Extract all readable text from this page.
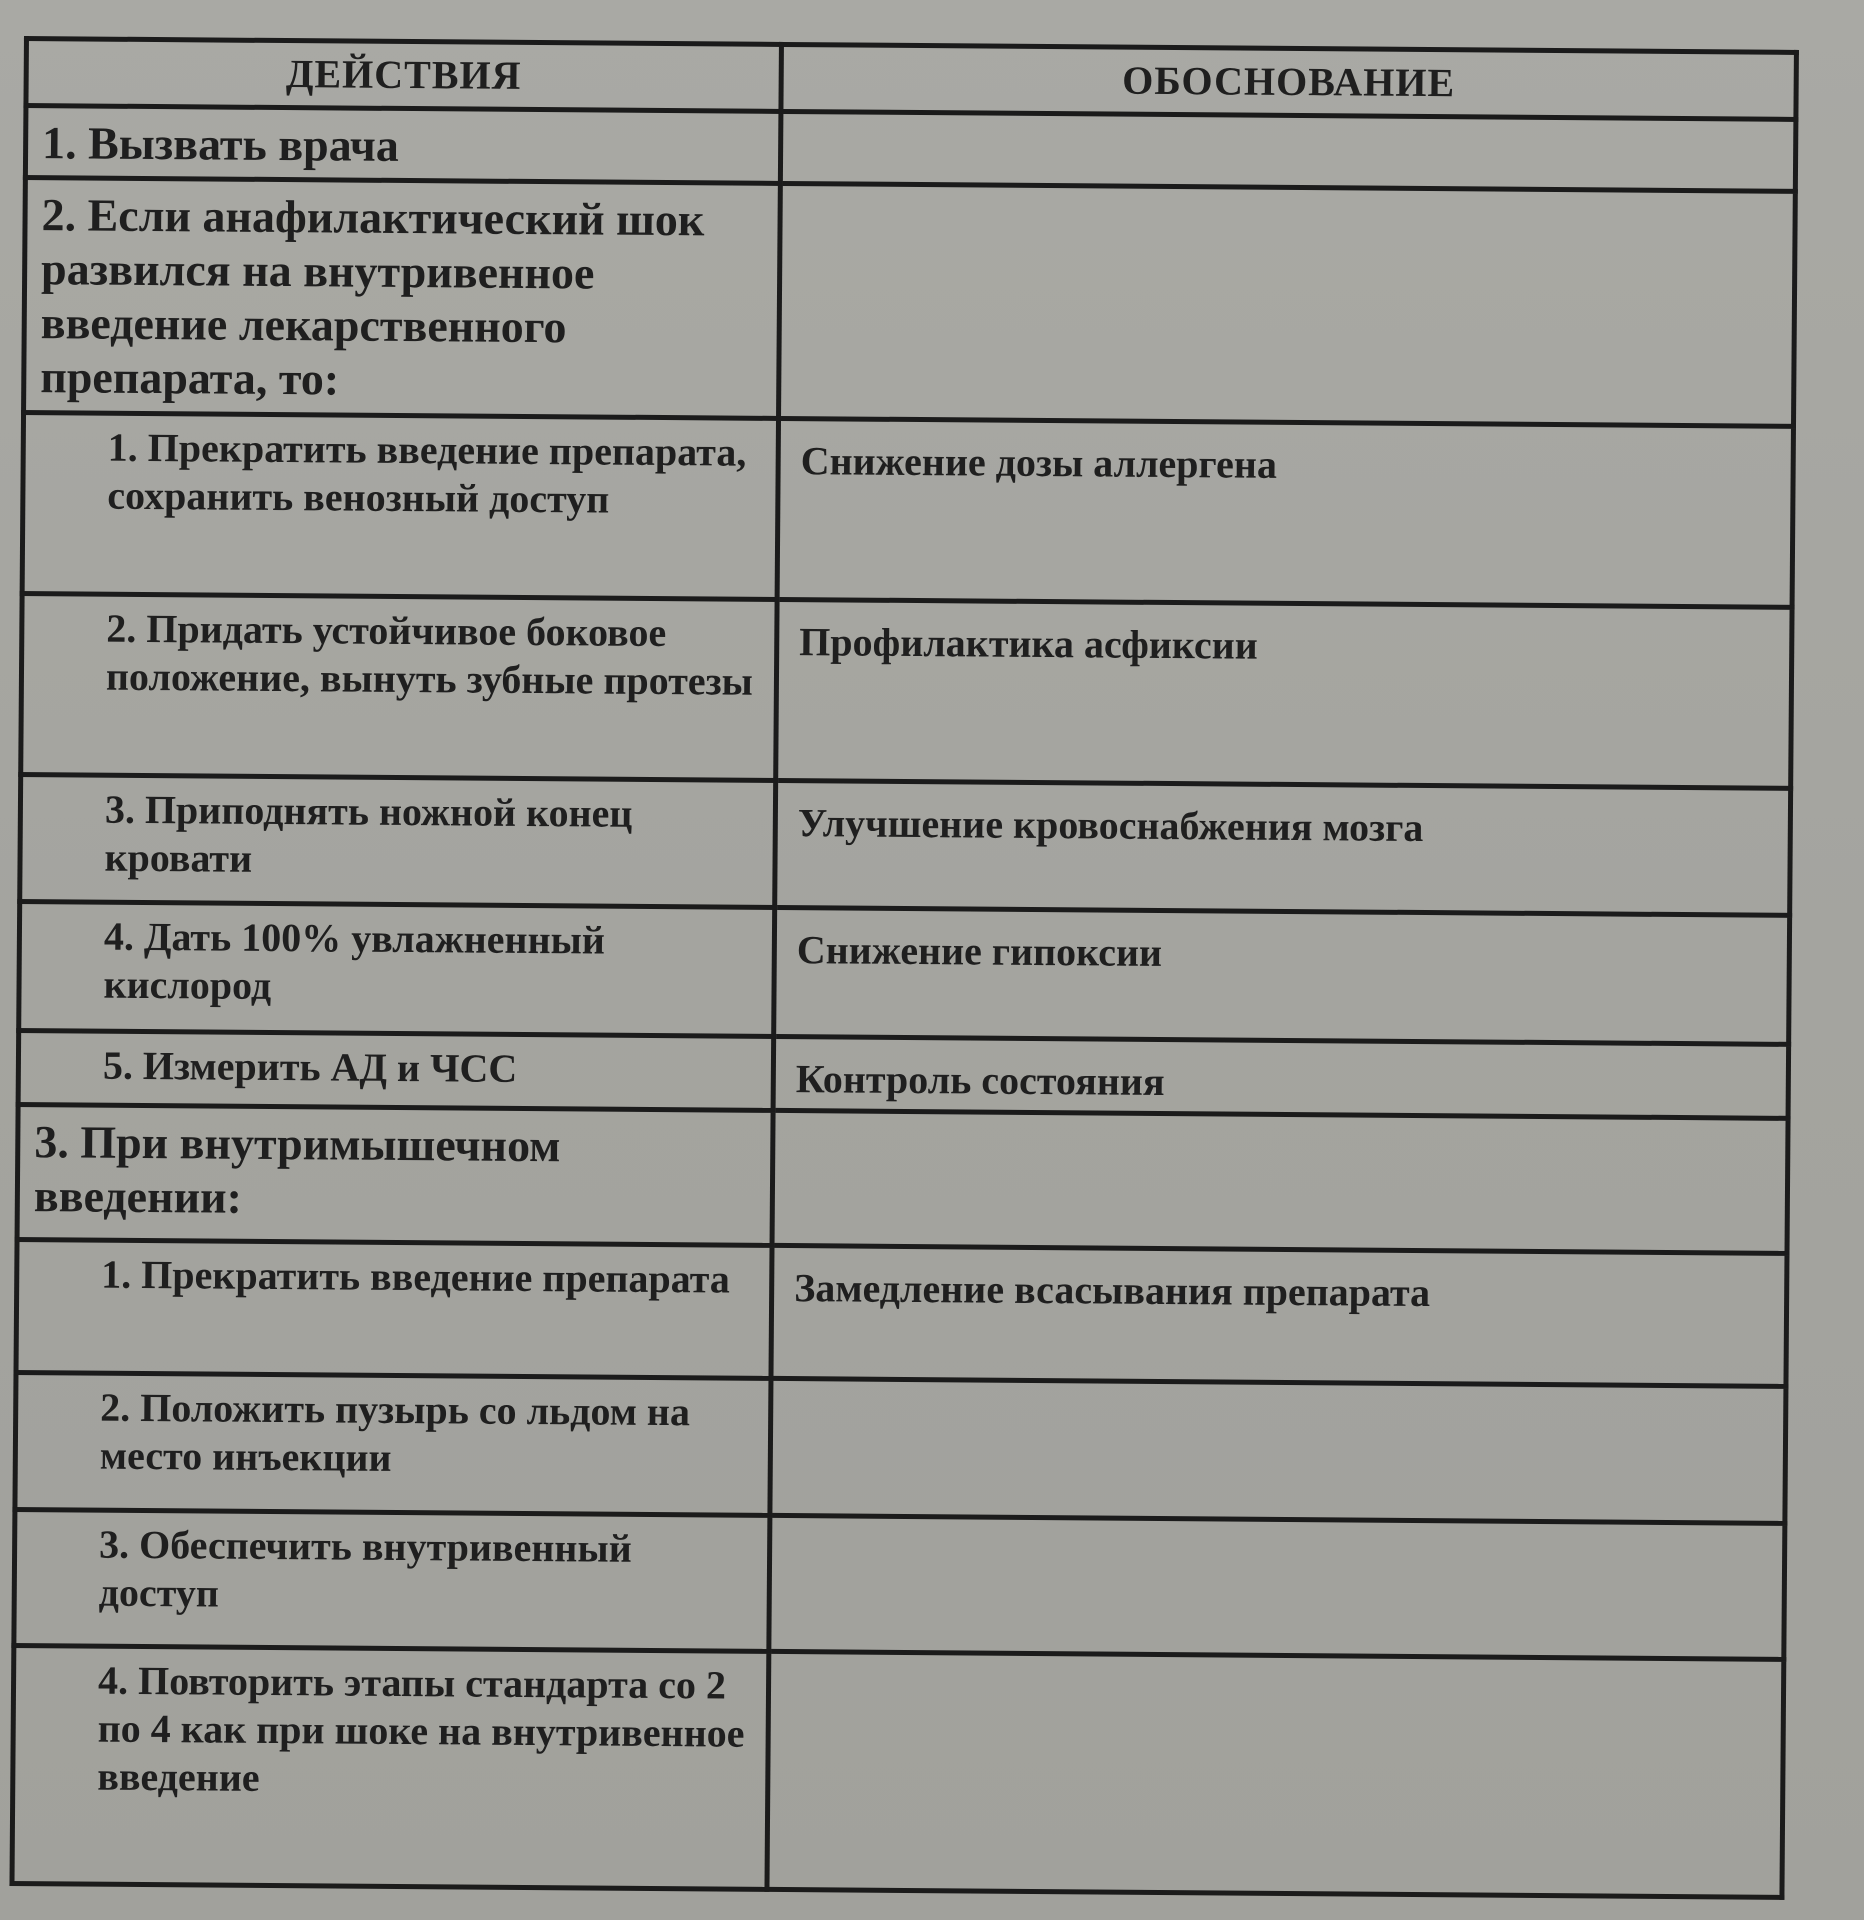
ДЕЙСТВИЯ	ОБОСНОВАНИЕ
1. Вызвать врача	
2. Если анафилактический шок развился на внутривенное введение лекарственного препарата, то:	
1. Прекратить введение препарата, сохранить венозный доступ	Снижение дозы аллергена
2. Придать устойчивое боковое положение, вынуть зубные протезы	Профилактика асфиксии
3. Приподнять ножной конец кровати	Улучшение кровоснабжения мозга
4. Дать 100% увлажненный кислород	Снижение гипоксии
5. Измерить АД и ЧСС	Контроль состояния
3. При внутримышечном введении:	
1. Прекратить введение препарата	Замедление всасывания препарата
2. Положить пузырь со льдом на место инъекции	
3. Обеспечить внутривенный доступ	
4. Повторить этапы стандарта со 2 по 4 как при шоке на внутривенное введение	
